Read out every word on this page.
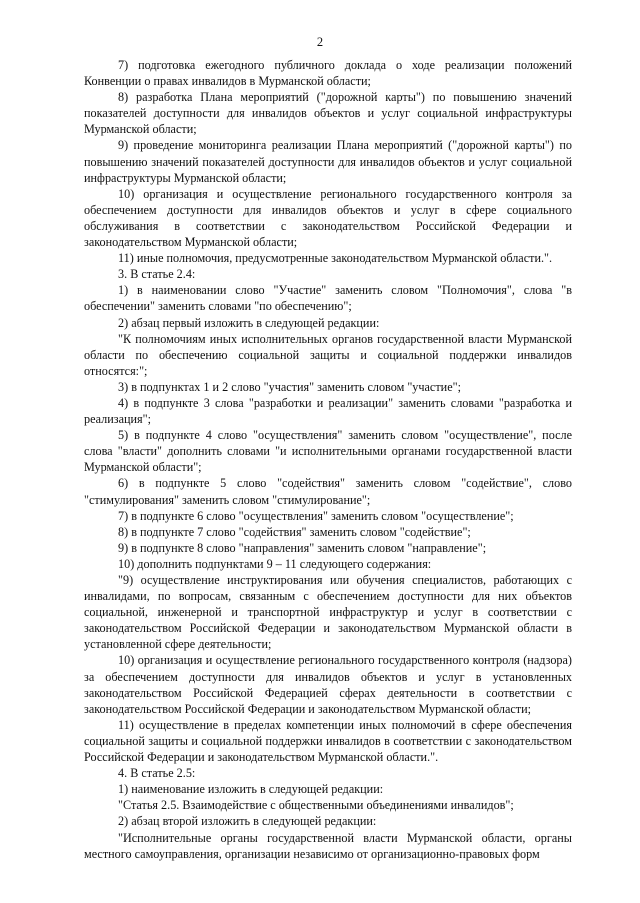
2

7) подготовка ежегодного публичного доклада о ходе реализации положений Конвенции о правах инвалидов в Мурманской области;

8) разработка Плана мероприятий ("дорожной карты") по повышению значений показателей доступности для инвалидов объектов и услуг социальной инфраструктуры Мурманской области;

9) проведение мониторинга реализации Плана мероприятий ("дорожной карты") по повышению значений показателей доступности для инвалидов объектов и услуг социальной инфраструктуры Мурманской области;

10) организация и осуществление регионального государственного контроля за обеспечением доступности для инвалидов объектов и услуг в сфере социального обслуживания в соответствии с законодательством Российской Федерации и законодательством Мурманской области;

11) иные полномочия, предусмотренные законодательством Мурманской области.".

3. В статье 2.4:

1) в наименовании слово "Участие" заменить словом "Полномочия", слова "в обеспечении" заменить словами "по обеспечению";

2) абзац первый изложить в следующей редакции:

"К полномочиям иных исполнительных органов государственной власти Мурманской области по обеспечению социальной защиты и социальной поддержки инвалидов относятся:";

3) в подпунктах 1 и 2 слово "участия" заменить словом "участие";

4) в подпункте 3 слова "разработки и реализации" заменить словами "разработка и реализация";

5) в подпункте 4 слово "осуществления" заменить словом "осуществление", после слова "власти" дополнить словами "и исполнительными органами государственной власти Мурманской области";

6) в подпункте 5 слово "содействия" заменить словом "содействие", слово "стимулирования" заменить словом "стимулирование";

7) в подпункте 6 слово "осуществления" заменить словом "осуществление";

8) в подпункте 7 слово "содействия" заменить словом "содействие";

9) в подпункте 8 слово "направления" заменить словом "направление";

10) дополнить подпунктами 9 – 11 следующего содержания:

"9) осуществление инструктирования или обучения специалистов, работающих с инвалидами, по вопросам, связанным с обеспечением доступности для них объектов социальной, инженерной и транспортной инфраструктур и услуг в соответствии с законодательством Российской Федерации и законодательством Мурманской области в установленной сфере деятельности;

10) организация и осуществление регионального государственного контроля (надзора) за обеспечением доступности для инвалидов объектов и услуг в установленных законодательством Российской Федерацией сферах деятельности в соответствии с законодательством Российской Федерации и законодательством Мурманской области;

11) осуществление в пределах компетенции иных полномочий в сфере обеспечения социальной защиты и социальной поддержки инвалидов в соответствии с законодательством Российской Федерации и законодательством Мурманской области.".

4. В статье 2.5:

1) наименование изложить в следующей редакции:

"Статья 2.5. Взаимодействие с общественными объединениями инвалидов";

2) абзац второй изложить в следующей редакции:

"Исполнительные органы государственной власти Мурманской области, органы местного самоуправления, организации независимо от организационно-правовых форм
